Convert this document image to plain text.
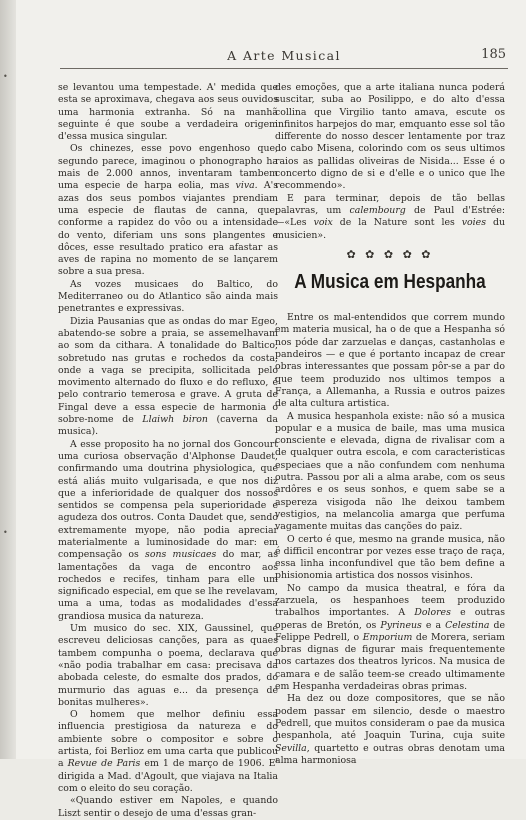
•
•
A Arte Musical	185

se levantou uma tempestade. A' medida que esta se aproximava, chegava aos seus ouvidos uma harmonia extranha. Só na manhã seguinte é que soube a verdadeira origem d'essa musica singular.

Os chinezes, esse povo engenhoso que, segundo parece, imaginou o phonographo ha mais de 2.000 annos, inventaram tambem uma especie de harpa eolia, mas viva. A's azas dos seus pombos viajantes prendiam uma especie de flautas de canna, que, conforme a rapidez do vôo ou a intensidade do vento, diferiam uns sons plangentes e dôces, esse resultado pratico era afastar as aves de rapina no momento de se lançarem sobre a sua presa.

As vozes musicaes do Baltico, do Mediterraneo ou do Atlantico são ainda mais penetrantes e expressivas.

Dizia Pausanias que as ondas do mar Egeo, abatendo-se sobre a praia, se assemelhavam ao som da cithara. A tonalidade do Baltico, sobretudo nas grutas e rochedos da costa, onde a vaga se precipita, sollicitada pelo movimento alternado do fluxo e do refluxo, é pelo contrario temerosa e grave. A gruta de Fingal deve a essa especie de harmonia o sobre-nome de Llaiwh biron (caverna da musica).

A esse proposito ha no jornal dos Goncourt uma curiosa observação d'Alphonse Daudet, confirmando uma doutrina physiologica, que está aliás muito vulgarisada, e que nos diz que a inferioridade de qualquer dos nossos sentidos se compensa pela superioridade e agudeza dos outros. Conta Daudet que, sendo extremamente myope, não podia apreciar materialmente a luminosidade do mar: em compensação os sons musicaes do mar, as lamentações da vaga de encontro aos rochedos e recifes, tinham para elle um significado especial, em que se lhe revelavam, uma a uma, todas as modalidades d'essa grandiosa musica da natureza.

Um musico do sec. XIX, Gaussinel, que escreveu deliciosas canções, para as quaes tambem compunha o poema, declarava que «não podia trabalhar em casa: precisava da abobada celeste, do esmalte dos prados, do murmurio das aguas e... da presença de bonitas mulheres».

O homem que melhor definiu essa influencia prestigiosa da natureza e do ambiente sobre o compositor e sobre o artista, foi Berlioz em uma carta que publicou a Revue de Paris em 1 de março de 1906. E' dirigida a Mad. d'Agoult, que viajava na Italia com o eleito do seu coração.

«Quando estiver em Napoles, e quando Liszt sentir o desejo de uma d'essas gran-

des emoções, que a arte italiana nunca poderá suscitar, suba ao Posilippo, e do alto d'essa collina que Virgilio tanto amava, escute os infinitos harpejos do mar, emquanto esse sol tão differente do nosso descer lentamente por traz do cabo Misena, colorindo com os seus ultimos raios as pallidas oliveiras de Nisida... Esse é o concerto digno de si e d'elle e o unico que lhe recommendo».

E para terminar, depois de tão bellas palavras, um calembourg de Paul d'Estrée: —«Les voix de la Nature sont les voies du musicien».

✿ ✿ ✿ ✿ ✿
A Musica em Hespanha

Entre os mal-entendidos que correm mundo em materia musical, ha o de que a Hespanha só nos póde dar zarzuelas e danças, castanholas e pandeiros — e que é portanto incapaz de crear obras interessantes que possam pôr-se a par do que teem produzido nos ultimos tempos a França, a Allemanha, a Russia e outros paizes de alta cultura artistica.

A musica hespanhola existe: não só a musica popular e a musica de baile, mas uma musica consciente e elevada, digna de rivalisar com a de qualquer outra escola, e com caracteristicas especiaes que a não confundem com nenhuma outra. Passou por ali a alma arabe, com os seus ardôres e os seus sonhos, e quem sabe se a aspereza visigoda não lhe deixou tambem vestigios, na melancolia amarga que perfuma vagamente muitas das canções do paiz.

O certo é que, mesmo na grande musica, não é difficil encontrar por vezes esse traço de raça, essa linha inconfundivel que tão bem define a phisionomia artistica dos nossos visinhos.

No campo da musica theatral, e fóra da zarzuela, os hespanhoes teem produzido trabalhos importantes. A Dolores e outras operas de Bretón, os Pyrineus e a Celestina de Felippe Pedrell, o Emporium de Morera, seriam obras dignas de figurar mais frequentemente nos cartazes dos theatros lyricos. Na musica de camara e de salão teem-se creado ultimamente em Hespanha verdadeiras obras primas.

Ha dez ou doze compositores, que se não podem passar em silencio, desde o maestro Pedrell, que muitos consideram o pae da musica hespanhola, até Joaquin Turina, cuja suite Sevilla, quartetto e outras obras denotam uma alma harmoniosa
